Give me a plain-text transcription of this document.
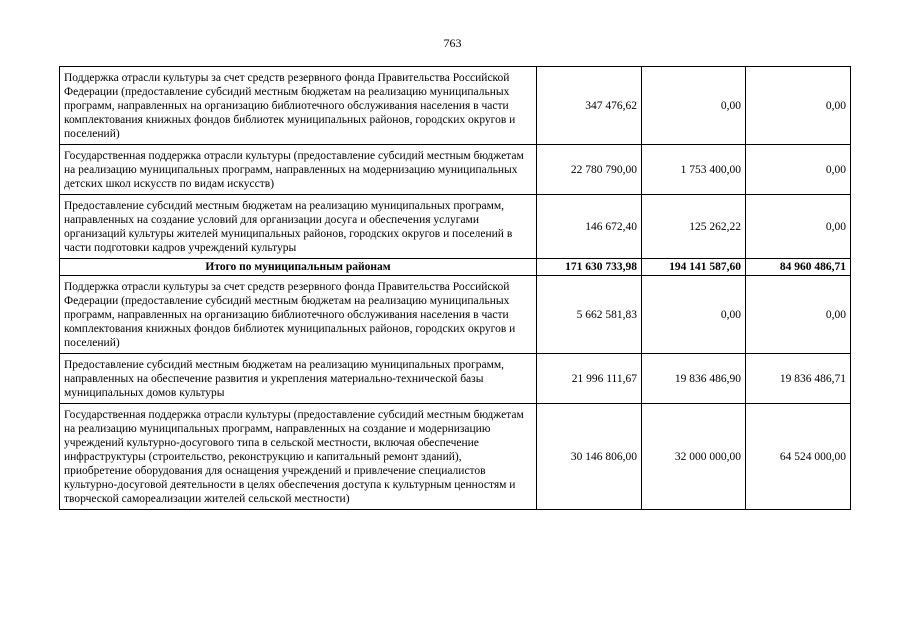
763
Поддержка отрасли культуры за счет средств резервного фонда Правительства Российской Федерации (предоставление субсидий местным бюджетам на реализацию муниципальных программ, направленных на организацию библиотечного обслуживания населения в части комплектования книжных фондов библиотек муниципальных районов, городских округов и поселений)	347 476,62	0,00	0,00
Государственная поддержка отрасли культуры (предоставление субсидий местным бюджетам на реализацию муниципальных программ, направленных на модернизацию муниципальных детских школ искусств по видам искусств)	22 780 790,00	1 753 400,00	0,00
Предоставление субсидий местным бюджетам на реализацию муниципальных программ, направленных на создание условий для организации досуга и обеспечения услугами организаций культуры жителей муниципальных районов, городских округов и поселений в части подготовки кадров учреждений культуры	146 672,40	125 262,22	0,00
Итого по муниципальным районам	171 630 733,98	194 141 587,60	84 960 486,71
Поддержка отрасли культуры за счет средств резервного фонда Правительства Российской Федерации (предоставление субсидий местным бюджетам на реализацию муниципальных программ, направленных на организацию библиотечного обслуживания населения в части комплектования книжных фондов библиотек муниципальных районов, городских округов и поселений)	5 662 581,83	0,00	0,00
Предоставление субсидий местным бюджетам на реализацию муниципальных программ, направленных на обеспечение развития и укрепления материально-технической базы муниципальных домов культуры	21 996 111,67	19 836 486,90	19 836 486,71
Государственная поддержка отрасли культуры (предоставление субсидий местным бюджетам на реализацию муниципальных программ, направленных на создание и модернизацию учреждений культурно-досугового типа в сельской местности, включая обеспечение инфраструктуры (строительство, реконструкцию и капитальный ремонт зданий), приобретение оборудования для оснащения учреждений и привлечение специалистов культурно-досуговой деятельности в целях обеспечения доступа к культурным ценностям и творческой самореализации жителей сельской местности)	30 146 806,00	32 000 000,00	64 524 000,00
